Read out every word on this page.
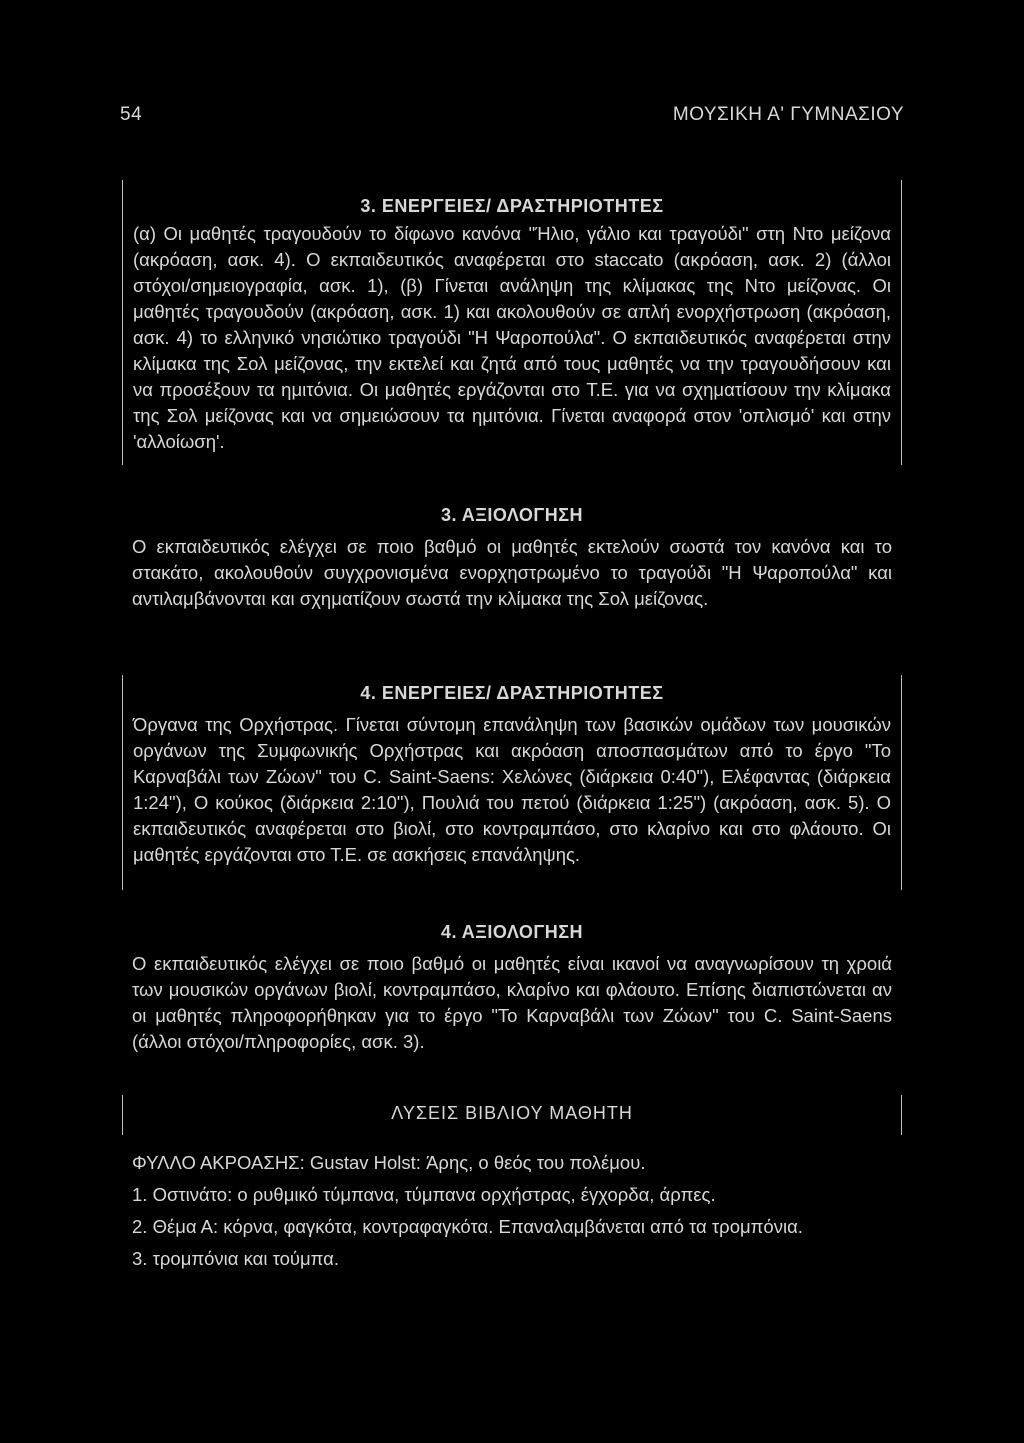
54	ΜΟΥΣΙΚΗ Α' ΓΥΜΝΑΣΙΟΥ

3. ΕΝΕΡΓΕΙΕΣ/ ΔΡΑΣΤΗΡΙΟΤΗΤΕΣ

(α) Οι μαθητές τραγουδούν το δίφωνο κανόνα "Ήλιο, γάλιο και τραγούδι" στη Ντο μείζονα (ακρόαση, ασκ. 4). Ο εκπαιδευτικός αναφέρεται στο staccato (ακρόαση, ασκ. 2) (άλλοι στόχοι/σημειογραφία, ασκ. 1), (β) Γίνεται ανάληψη της κλίμακας της Ντο μείζονας. Οι μαθητές τραγουδούν (ακρόαση, ασκ. 1) και ακολουθούν σε απλή ενορχήστρωση (ακρόαση, ασκ. 4) το ελληνικό νησιώτικο τραγούδι "Η Ψαροπούλα". Ο εκπαιδευτικός αναφέρεται στην κλίμακα της Σολ μείζονας, την εκτελεί και ζητά από τους μαθητές να την τραγουδήσουν και να προσέξουν τα ημιτόνια. Οι μαθητές εργάζονται στο Τ.Ε. για να σχηματίσουν την κλίμακα της Σολ μείζονας και να σημειώσουν τα ημιτόνια. Γίνεται αναφορά στον 'οπλισμό' και στην 'αλλοίωση'.

3. ΑΞΙΟΛΟΓΗΣΗ

Ο εκπαιδευτικός ελέγχει σε ποιο βαθμό οι μαθητές εκτελούν σωστά τον κανόνα και το στακάτο, ακολουθούν συγχρονισμένα ενορχηστρωμένο το τραγούδι "Η Ψαροπούλα" και αντιλαμβάνονται και σχηματίζουν σωστά την κλίμακα της Σολ μείζονας.

4. ΕΝΕΡΓΕΙΕΣ/ ΔΡΑΣΤΗΡΙΟΤΗΤΕΣ

Όργανα της Ορχήστρας. Γίνεται σύντομη επανάληψη των βασικών ομάδων των μουσικών οργάνων της Συμφωνικής Ορχήστρας και ακρόαση αποσπασμάτων από το έργο "Το Καρναβάλι των Ζώων" του C. Saint-Saens: Χελώνες (διάρκεια 0:40"), Ελέφαντας (διάρκεια 1:24"), Ο κούκος (διάρκεια 2:10"), Πουλιά του πετού (διάρκεια 1:25") (ακρόαση, ασκ. 5). Ο εκπαιδευτικός αναφέρεται στο βιολί, στο κοντραμπάσο, στο κλαρίνο και στο φλάουτο. Οι μαθητές εργάζονται στο Τ.Ε. σε ασκήσεις επανάληψης.

4. ΑΞΙΟΛΟΓΗΣΗ

Ο εκπαιδευτικός ελέγχει σε ποιο βαθμό οι μαθητές είναι ικανοί να αναγνωρίσουν τη χροιά των μουσικών οργάνων βιολί, κοντραμπάσο, κλαρίνο και φλάουτο. Επίσης διαπιστώνεται αν οι μαθητές πληροφορήθηκαν για το έργο "Το Καρναβάλι των Ζώων" του C. Saint-Saens (άλλοι στόχοι/πληροφορίες, ασκ. 3).

ΛΥΣΕΙΣ ΒΙΒΛΙΟΥ ΜΑΘΗΤΗ

ΦΥΛΛΟ ΑΚΡΟΑΣΗΣ: Gustav Holst: Άρης, ο θεός του πολέμου.

1. Οστινάτο: ο ρυθμικό τύμπανα, τύμπανα ορχήστρας, έγχορδα, άρπες.

2. Θέμα Α: κόρνα, φαγκότα, κοντραφαγκότα. Επαναλαμβάνεται από τα τρομπόνια.

3. τρομπόνια και τούμπα.
